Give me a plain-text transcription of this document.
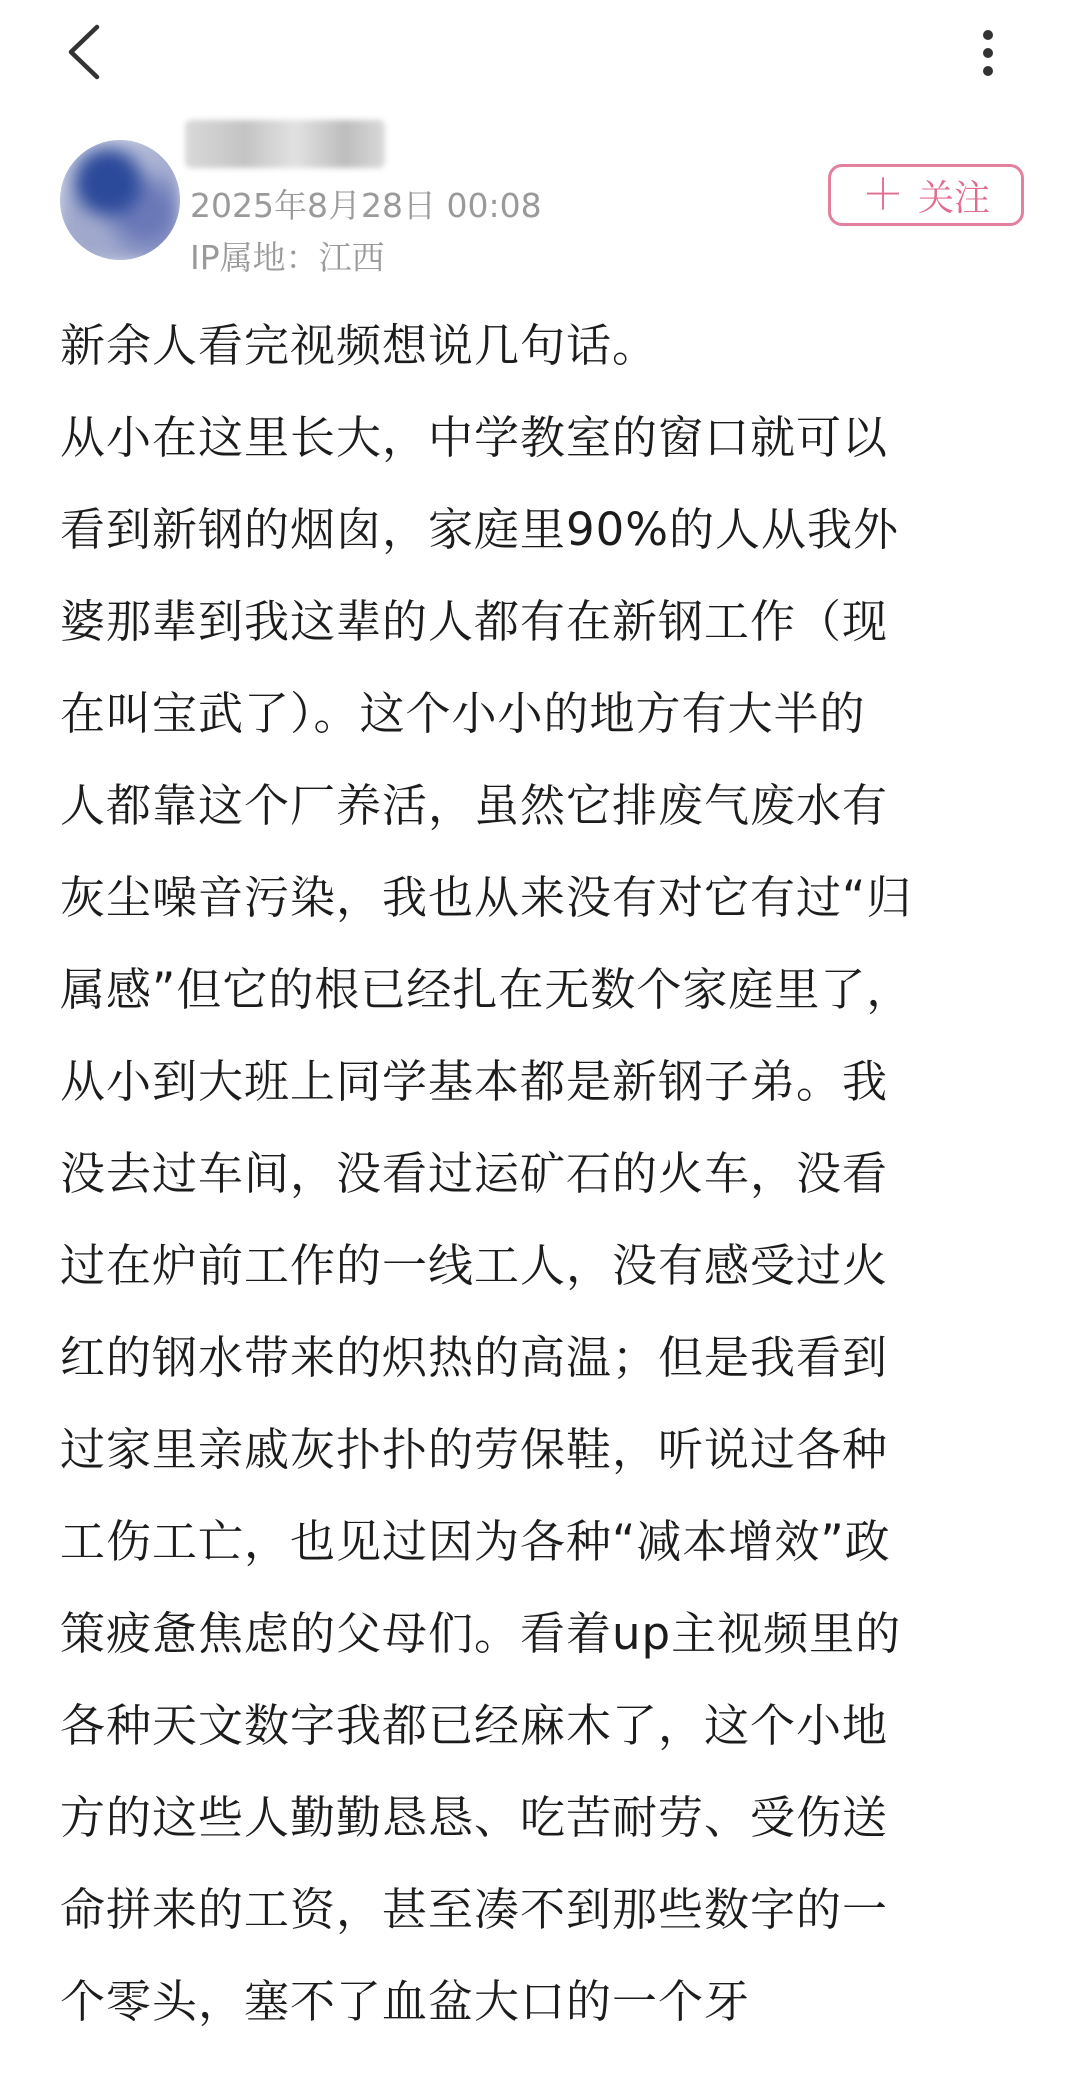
2025年8月28日 00:08
IP属地：江西
＋ 关注

新余人看完视频想说几句话。

从小在这里长大，中学教室的窗口就可以

看到新钢的烟囱，家庭里90%的人从我外

婆那辈到我这辈的人都有在新钢工作（现

在叫宝武了）。这个小小的地方有大半的

人都靠这个厂养活，虽然它排废气废水有

灰尘噪音污染，我也从来没有对它有过“归

属感”但它的根已经扎在无数个家庭里了，

从小到大班上同学基本都是新钢子弟。我

没去过车间，没看过运矿石的火车，没看

过在炉前工作的一线工人，没有感受过火

红的钢水带来的炽热的高温；但是我看到

过家里亲戚灰扑扑的劳保鞋，听说过各种

工伤工亡，也见过因为各种“减本增效”政

策疲惫焦虑的父母们。看着up主视频里的

各种天文数字我都已经麻木了，这个小地

方的这些人勤勤恳恳、吃苦耐劳、受伤送

命拼来的工资，甚至凑不到那些数字的一

个零头，塞不了血盆大口的一个牙
